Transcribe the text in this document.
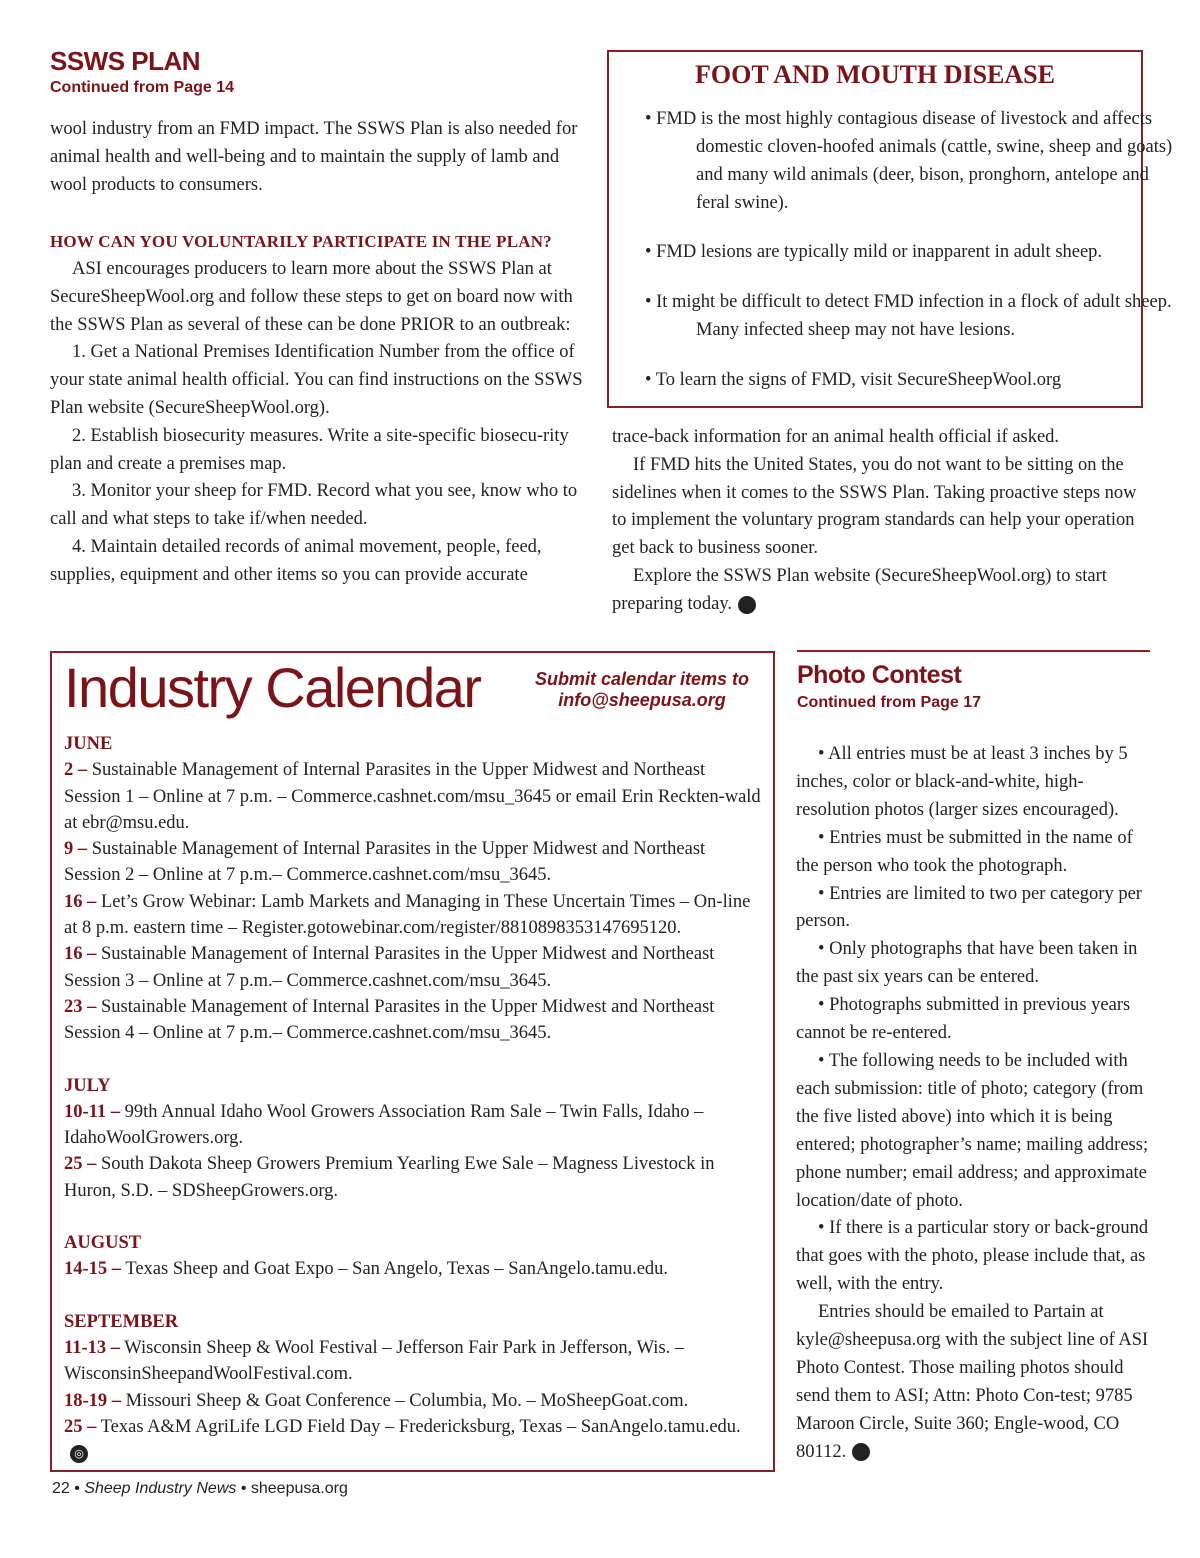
SSWS PLAN
Continued from Page 14
wool industry from an FMD impact. The SSWS Plan is also needed for animal health and well-being and to maintain the supply of lamb and wool products to consumers.
HOW CAN YOU VOLUNTARILY PARTICIPATE IN THE PLAN?

ASI encourages producers to learn more about the SSWS Plan at SecureSheepWool.org and follow these steps to get on board now with the SSWS Plan as several of these can be done PRIOR to an outbreak:

1. Get a National Premises Identification Number from the office of your state animal health official. You can find instructions on the SSWS Plan website (SecureSheepWool.org).

2. Establish biosecurity measures. Write a site-specific biosecu-rity plan and create a premises map.

3. Monitor your sheep for FMD. Record what you see, know who to call and what steps to take if/when needed.

4. Maintain detailed records of animal movement, people, feed, supplies, equipment and other items so you can provide accurate

FOOT AND MOUTH DISEASE
• FMD is the most highly contagious disease of livestock and affects domestic cloven-hoofed animals (cattle, swine, sheep and goats) and many wild animals (deer, bison, pronghorn, antelope and feral swine).
• FMD lesions are typically mild or inapparent in adult sheep.
• It might be difficult to detect FMD infection in a flock of adult sheep. Many infected sheep may not have lesions.
• To learn the signs of FMD, visit SecureSheepWool.org

trace-back information for an animal health official if asked.

If FMD hits the United States, you do not want to be sitting on the sidelines when it comes to the SSWS Plan. Taking proactive steps now to implement the voluntary program standards can help your operation get back to business sooner.

Explore the SSWS Plan website (SecureSheepWool.org) to start preparing today. ◎

Industry Calendar	Submit calendar items to
info@sheepusa.org
JUNE
2 – Sustainable Management of Internal Parasites in the Upper Midwest and Northeast Session 1 – Online at 7 p.m. – Commerce.cashnet.com/msu_3645 or email Erin Reckten-wald at ebr@msu.edu.
9 – Sustainable Management of Internal Parasites in the Upper Midwest and Northeast Session 2 – Online at 7 p.m.– Commerce.cashnet.com/msu_3645.
16 – Let’s Grow Webinar: Lamb Markets and Managing in These Uncertain Times – On-line at 8 p.m. eastern time – Register.gotowebinar.com/register/8810898353147695120.
16 – Sustainable Management of Internal Parasites in the Upper Midwest and Northeast Session 3 – Online at 7 p.m.– Commerce.cashnet.com/msu_3645.
23 – Sustainable Management of Internal Parasites in the Upper Midwest and Northeast Session 4 – Online at 7 p.m.– Commerce.cashnet.com/msu_3645.
JULY
10-11 – 99th Annual Idaho Wool Growers Association Ram Sale – Twin Falls, Idaho – IdahoWoolGrowers.org.
25 – South Dakota Sheep Growers Premium Yearling Ewe Sale – Magness Livestock in Huron, S.D. – SDSheepGrowers.org.
AUGUST
14-15 – Texas Sheep and Goat Expo – San Angelo, Texas – SanAngelo.tamu.edu.
SEPTEMBER
11-13 – Wisconsin Sheep & Wool Festival – Jefferson Fair Park in Jefferson, Wis. – WisconsinSheepandWoolFestival.com.
18-19 – Missouri Sheep & Goat Conference – Columbia, Mo. – MoSheepGoat.com.
25 – Texas A&M AgriLife LGD Field Day – Fredericksburg, Texas – SanAngelo.tamu.edu.◎
Photo Contest
Continued from Page 17

• All entries must be at least 3 inches by 5 inches, color or black-and-white, high-resolution photos (larger sizes encouraged).

• Entries must be submitted in the name of the person who took the photograph.

• Entries are limited to two per category per person.

• Only photographs that have been taken in the past six years can be entered.

• Photographs submitted in previous years cannot be re-entered.

• The following needs to be included with each submission: title of photo; category (from the five listed above) into which it is being entered; photographer’s name; mailing address; phone number; email address; and approximate location/date of photo.

• If there is a particular story or back-ground that goes with the photo, please include that, as well, with the entry.

Entries should be emailed to Partain at kyle@sheepusa.org with the subject line of ASI Photo Contest. Those mailing photos should send them to ASI; Attn: Photo Con-test; 9785 Maroon Circle, Suite 360; Engle-wood, CO 80112.	◎

22 • Sheep Industry News • sheepusa.org
